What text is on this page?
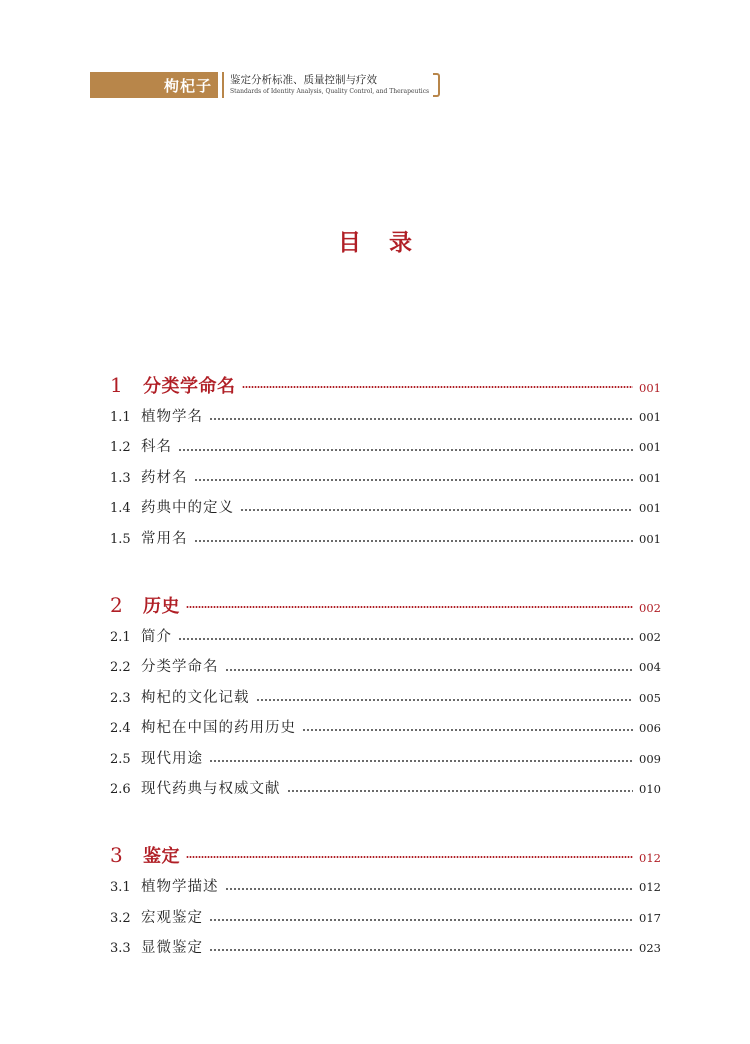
枸杞子	鉴定分析标准、质量控制与疗效
Standards of Identity Analysis, Quality Control, and Therapeutics
目录
1	分类学命名	001
1.1 植物学名	001
1.2 科名	001
1.3 药材名	001
1.4 药典中的定义	001
1.5 常用名	001
2	历史	002
2.1 简介	002
2.2 分类学命名	004
2.3 枸杞的文化记载	005
2.4 枸杞在中国的药用历史	006
2.5 现代用途	009
2.6 现代药典与权威文献	010
3	鉴定	012
3.1 植物学描述	012
3.2 宏观鉴定	017
3.3 显微鉴定	023
